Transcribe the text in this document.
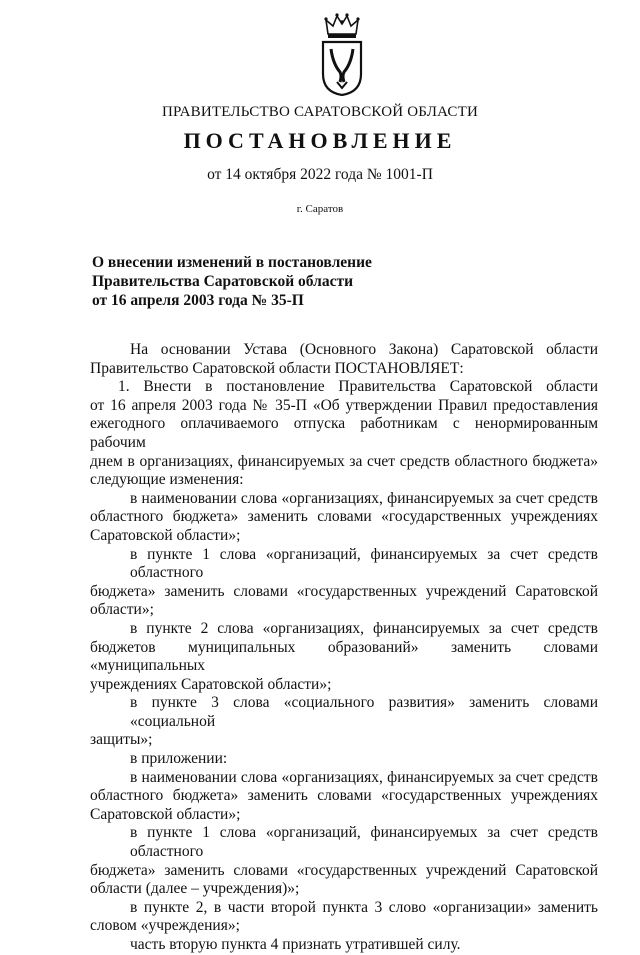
ПРАВИТЕЛЬСТВО САРАТОВСКОЙ ОБЛАСТИ
ПОСТАНОВЛЕНИЕ
от 14 октября 2022 года № 1001-П
г. Саратов
О внесении изменений в постановление
Правительства Саратовской области
от 16 апреля 2003 года № 35-П
На основании Устава (Основного Закона) Саратовской области
Правительство Саратовской области ПОСТАНОВЛЯЕТ:
1. Внести в постановление Правительства Саратовской области
от 16 апреля 2003 года № 35-П «Об утверждении Правил предоставления
ежегодного оплачиваемого отпуска работникам с ненормированным рабочим
днем в организациях, финансируемых за счет средств областного бюджета»
следующие изменения:
в наименовании слова «организациях, финансируемых за счет средств
областного бюджета» заменить словами «государственных учреждениях
Саратовской области»;
в пункте 1 слова «организаций, финансируемых за счет средств областного
бюджета» заменить словами «государственных учреждений Саратовской
области»;
в пункте 2 слова «организациях, финансируемых за счет средств
бюджетов муниципальных образований» заменить словами «муниципальных
учреждениях Саратовской области»;
в пункте 3 слова «социального развития» заменить словами «социальной
защиты»;
в приложении:
в наименовании слова «организациях, финансируемых за счет средств
областного бюджета» заменить словами «государственных учреждениях
Саратовской области»;
в пункте 1 слова «организаций, финансируемых за счет средств областного
бюджета» заменить словами «государственных учреждений Саратовской
области (далее – учреждения)»;
в пункте 2, в части второй пункта 3 слово «организации» заменить
словом «учреждения»;
часть вторую пункта 4 признать утратившей силу.
